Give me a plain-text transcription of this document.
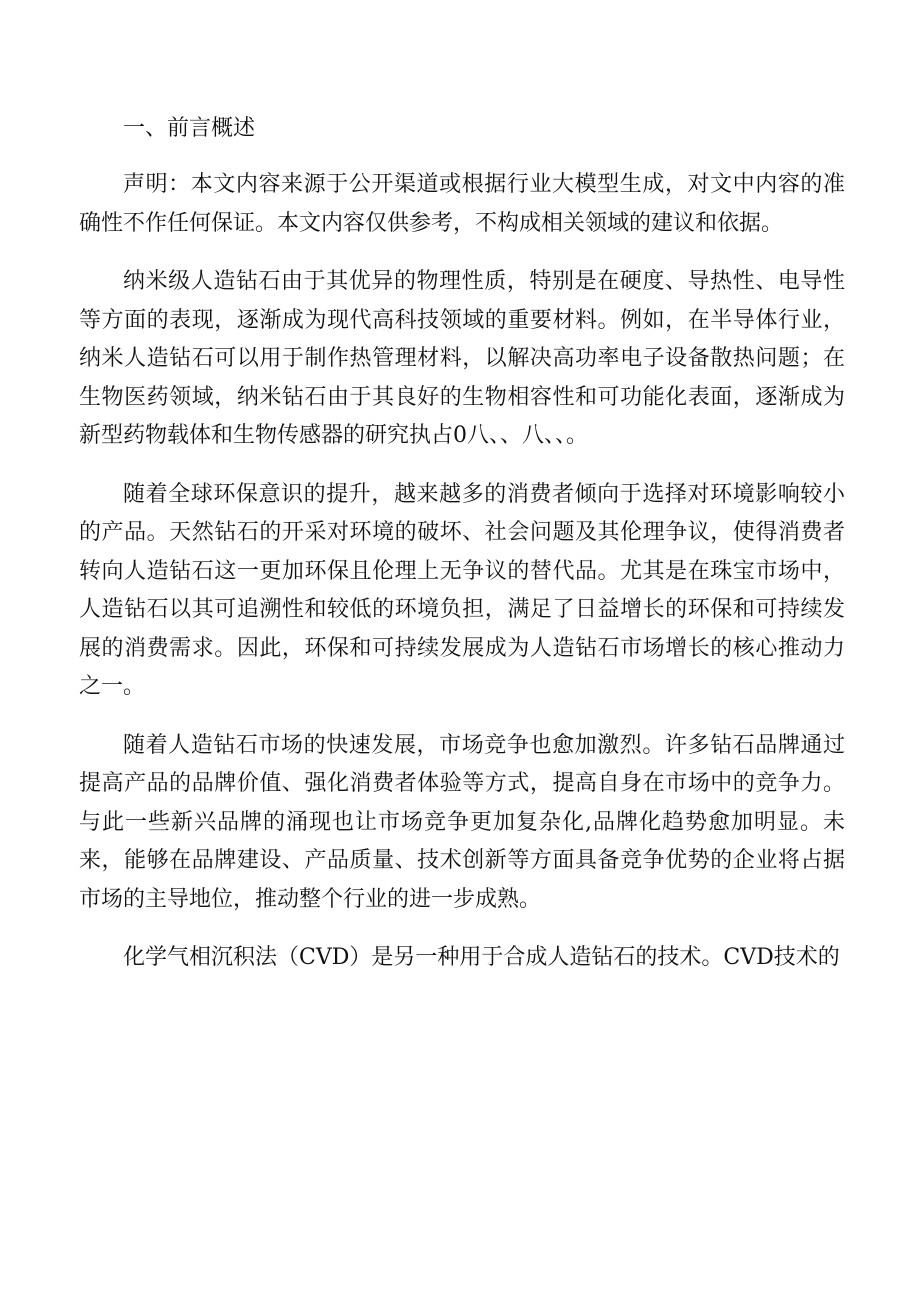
一、前言概述

声明：本文内容来源于公开渠道或根据行业大模型生成，对文中内容的准确性不作任何保证。本文内容仅供参考，不构成相关领域的建议和依据。

纳米级人造钻石由于其优异的物理性质，特别是在硬度、导热性、电导性等方面的表现，逐渐成为现代高科技领域的重要材料。例如，在半导体行业，纳米人造钻石可以用于制作热管理材料，以解决高功率电子设备散热问题；在生物医药领域，纳米钻石由于其良好的生物相容性和可功能化表面，逐渐成为新型药物载体和生物传感器的研究执占0八、、八、、。

随着全球环保意识的提升，越来越多的消费者倾向于选择对环境影响较小的产品。天然钻石的开采对环境的破坏、社会问题及其伦理争议，使得消费者转向人造钻石这一更加环保且伦理上无争议的替代品。尤其是在珠宝市场中，人造钻石以其可追溯性和较低的环境负担，满足了日益增长的环保和可持续发展的消费需求。因此，环保和可持续发展成为人造钻石市场增长的核心推动力之一。

随着人造钻石市场的快速发展，市场竞争也愈加激烈。许多钻石品牌通过提高产品的品牌价值、强化消费者体验等方式，提高自身在市场中的竞争力。与此一些新兴品牌的涌现也让市场竞争更加复杂化,品牌化趋势愈加明显。未来，能够在品牌建设、产品质量、技术创新等方面具备竞争优势的企业将占据市场的主导地位，推动整个行业的进一步成熟。

化学气相沉积法（CVD）是另一种用于合成人造钻石的技术。CVD技术的
